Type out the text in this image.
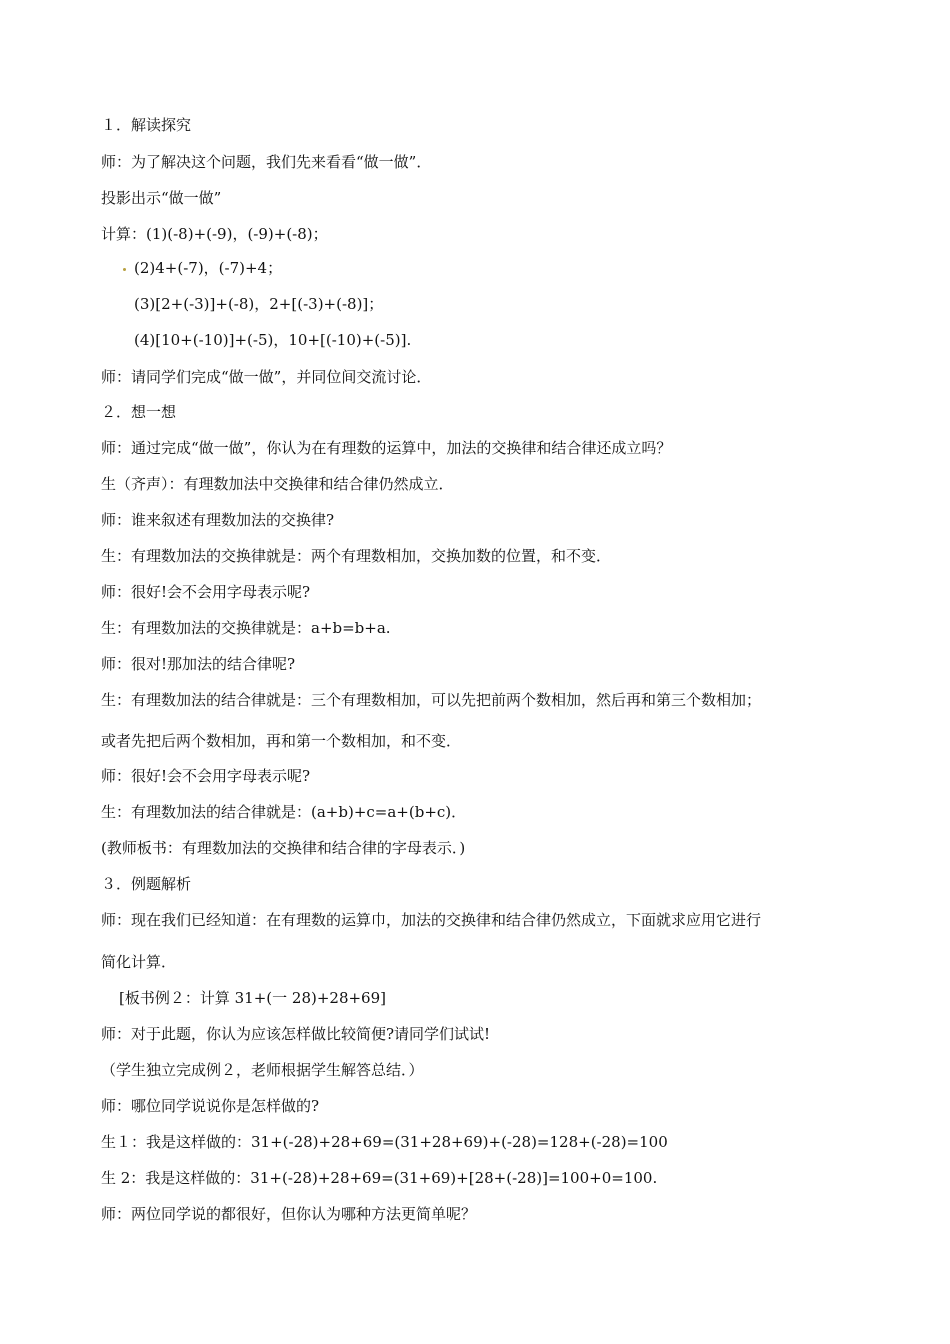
１．解读探究
师：为了解决这个问题，我们先来看看“做一做”．
投影出示“做一做”
计算：(1)(-8)+(-9)，(-9)+(-8)；
(2)4+(-7)，(-7)+4；
(3)[2+(-3)]+(-8)，2+[(-3)+(-8)]；
(4)[10+(-10)]+(-5)，10+[(-10)+(-5)].
师：请同学们完成“做一做”，并同位间交流讨论．
２．想一想
师：通过完成“做一做”，你认为在有理数的运算中，加法的交换律和结合律还成立吗？
生（齐声）：有理数加法中交换律和结合律仍然成立．
师：谁来叙述有理数加法的交换律?
生：有理数加法的交换律就是：两个有理数相加，交换加数的位置，和不变．
师：很好!会不会用字母表示呢?
生：有理数加法的交换律就是：a+b=b+a.
师：很对!那加法的结合律呢?
生：有理数加法的结合律就是：三个有理数相加，可以先把前两个数相加，然后再和第三个数相加；
或者先把后两个数相加，再和第一个数相加，和不变．
师：很好!会不会用字母表示呢?
生：有理数加法的结合律就是：(a+b)+c=a+(b+c)．
(教师板书：有理数加法的交换律和结合律的字母表示．)
３．例题解析
师：现在我们已经知道：在有理数的运算巾，加法的交换律和结合律仍然成立，下面就求应用它进行
简化计算．
[板书例２：计算 31+(一 28)+28+69]
师：对于此题，你认为应该怎样做比较简便?请同学们试试!
（学生独立完成例２，老师根据学生解答总结．）
师：哪位同学说说你是怎样做的?
生１：我是这样做的：31+(-28)+28+69=(31+28+69)+(-28)=128+(-28)=100
生 2：我是这样做的：31+(-28)+28+69=(31+69)+[28+(-28)]=100+0=100.
师：两位同学说的都很好，但你认为哪种方法更简单呢？
